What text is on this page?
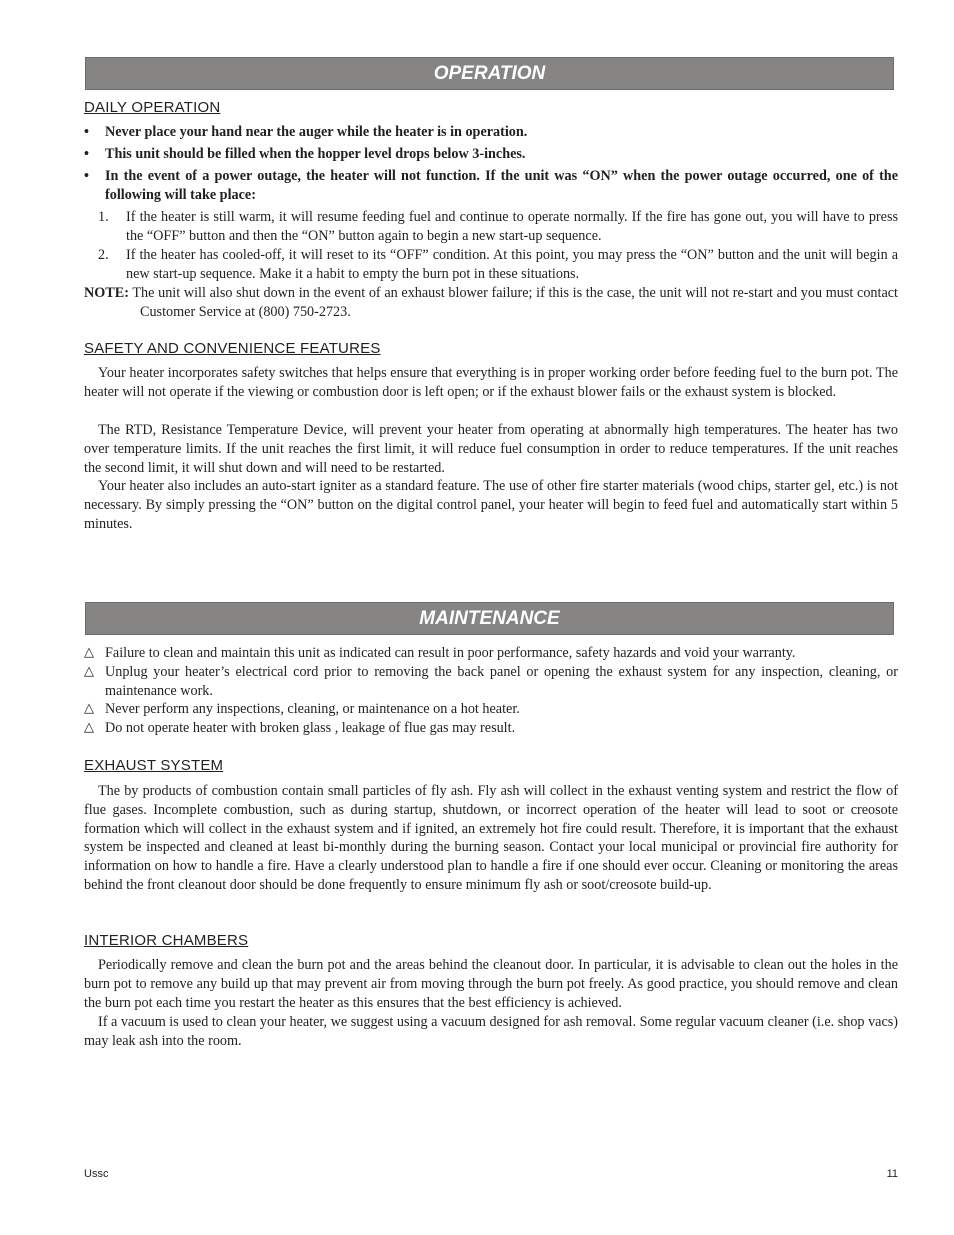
OPERATION
DAILY OPERATION
• Never place your hand near the auger while the heater is in operation.
• This unit should be filled when the hopper level drops below 3-inches.
• In the event of a power outage, the heater will not function. If the unit was “ON” when the power outage occurred, one of the following will take place:
1. If the heater is still warm, it will resume feeding fuel and continue to operate normally. If the fire has gone out, you will have to press the “OFF” button and then the “ON” button again to begin a new start-up sequence.
2. If the heater has cooled-off, it will reset to its “OFF” condition. At this point, you may press the “ON” button and the unit will begin a new start-up sequence. Make it a habit to empty the burn pot in these situations.
NOTE: The unit will also shut down in the event of an exhaust blower failure; if this is the case, the unit will not re-start and you must contact Customer Service at (800) 750-2723.
SAFETY AND CONVENIENCE FEATURES
Your heater incorporates safety switches that helps ensure that everything is in proper working order before feeding fuel to the burn pot. The heater will not operate if the viewing or combustion door is left open; or if the exhaust blower fails or the exhaust system is blocked.
The RTD, Resistance Temperature Device, will prevent your heater from operating at abnormally high temperatures. The heater has two over temperature limits. If the unit reaches the first limit, it will reduce fuel consumption in order to reduce temperatures. If the unit reaches the second limit, it will shut down and will need to be restarted.
Your heater also includes an auto-start igniter as a standard feature. The use of other fire starter materials (wood chips, starter gel, etc.) is not necessary. By simply pressing the “ON” button on the digital control panel, your heater will begin to feed fuel and automatically start within 5 minutes.
MAINTENANCE
△ Failure to clean and maintain this unit as indicated can result in poor performance, safety hazards and void your warranty.
△ Unplug your heater’s electrical cord prior to removing the back panel or opening the exhaust system for any inspection, cleaning, or maintenance work.
△ Never perform any inspections, cleaning, or maintenance on a hot heater.
△ Do not operate heater with broken glass , leakage of flue gas may result.
EXHAUST SYSTEM
The by products of combustion contain small particles of fly ash. Fly ash will collect in the exhaust venting system and restrict the flow of flue gases. Incomplete combustion, such as during startup, shutdown, or incorrect operation of the heater will lead to soot or creosote formation which will collect in the exhaust system and if ignited, an extremely hot fire could result. Therefore, it is important that the exhaust system be inspected and cleaned at least bi-monthly during the burning season. Contact your local municipal or provincial fire authority for information on how to handle a fire. Have a clearly understood plan to handle a fire if one should ever occur. Cleaning or monitoring the areas behind the front cleanout door should be done frequently to ensure minimum fly ash or soot/creosote build-up.
INTERIOR CHAMBERS
Periodically remove and clean the burn pot and the areas behind the cleanout door. In particular, it is advisable to clean out the holes in the burn pot to remove any build up that may prevent air from moving through the burn pot freely. As good practice, you should remove and clean the burn pot each time you restart the heater as this ensures that the best efficiency is achieved.
If a vacuum is used to clean your heater, we suggest using a vacuum designed for ash removal. Some regular vacuum cleaner (i.e. shop vacs) may leak ash into the room.
Ussc	11
